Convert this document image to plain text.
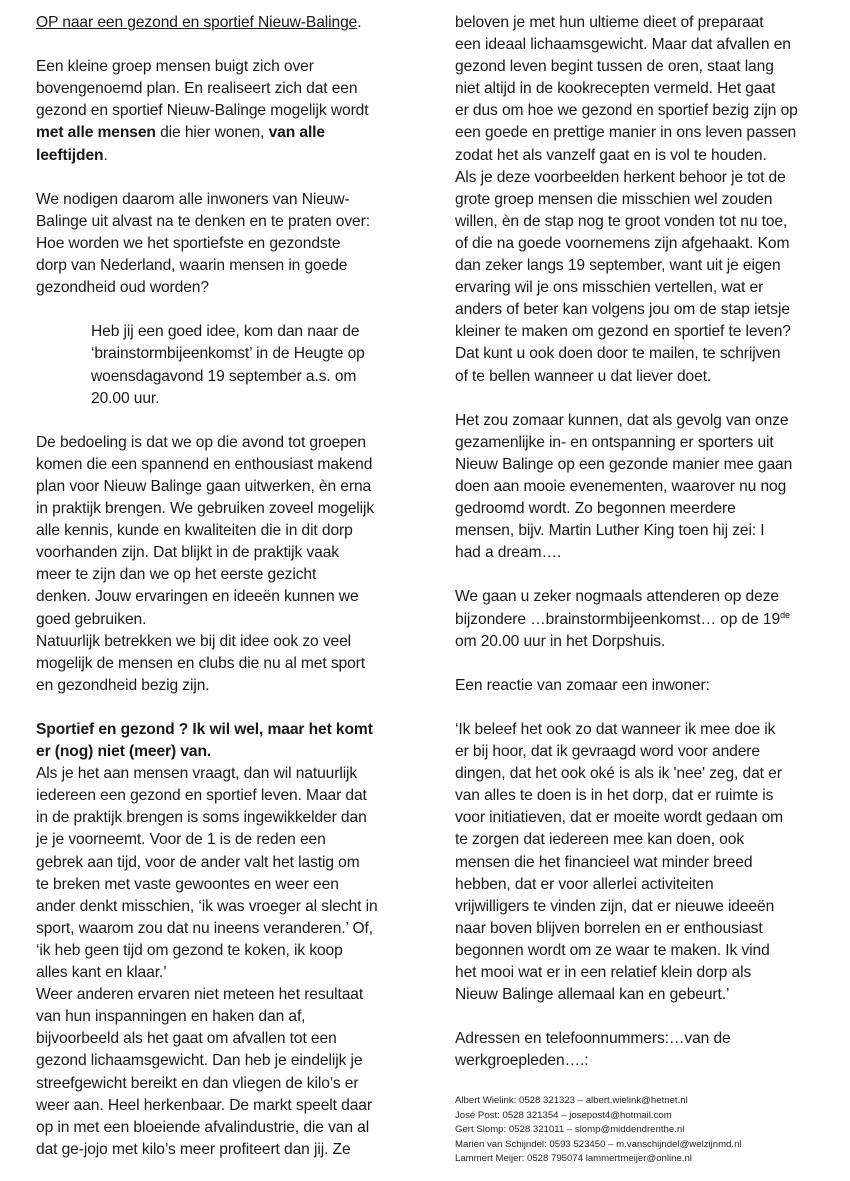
OP naar een gezond en sportief Nieuw-Balinge.
Een kleine groep mensen buigt zich over
bovengenoemd plan. En realiseert zich dat een
gezond en sportief Nieuw-Balinge mogelijk wordt
met alle mensen die hier wonen, van alle
leeftijden.
We nodigen daarom alle inwoners van Nieuw-
Balinge uit alvast na te denken en te praten over:
Hoe worden we het sportiefste en gezondste
dorp van Nederland, waarin mensen in goede
gezondheid oud worden?
Heb jij een goed idee, kom dan naar de
‘brainstormbijeenkomst’ in de Heugte op
woensdagavond 19 september a.s. om
20.00 uur.
De bedoeling is dat we op die avond tot groepen
komen die een spannend en enthousiast makend
plan voor Nieuw Balinge gaan uitwerken, èn erna
in praktijk brengen. We gebruiken zoveel mogelijk
alle kennis, kunde en kwaliteiten die in dit dorp
voorhanden zijn. Dat blijkt in de praktijk vaak
meer te zijn dan we op het eerste gezicht
denken. Jouw ervaringen en ideeën kunnen we
goed gebruiken.
Natuurlijk betrekken we bij dit idee ook zo veel
mogelijk de mensen en clubs die nu al met sport
en gezondheid bezig zijn.
Sportief en gezond ? Ik wil wel, maar het komt
er (nog) niet (meer) van.
Als je het aan mensen vraagt, dan wil natuurlijk
iedereen een gezond en sportief leven. Maar dat
in de praktijk brengen is soms ingewikkelder dan
je je voorneemt. Voor de 1 is de reden een
gebrek aan tijd, voor de ander valt het lastig om
te breken met vaste gewoontes en weer een
ander denkt misschien, ‘ik was vroeger al slecht in
sport, waarom zou dat nu ineens veranderen.’ Of,
‘ik heb geen tijd om gezond te koken, ik koop
alles kant en klaar.’
Weer anderen ervaren niet meteen het resultaat
van hun inspanningen en haken dan af,
bijvoorbeeld als het gaat om afvallen tot een
gezond lichaamsgewicht. Dan heb je eindelijk je
streefgewicht bereikt en dan vliegen de kilo’s er
weer aan. Heel herkenbaar. De markt speelt daar
op in met een bloeiende afvalindustrie, die van al
dat ge-jojo met kilo’s meer profiteert dan jij. Ze
beloven je met hun ultieme dieet of preparaat
een ideaal lichaamsgewicht. Maar dat afvallen en
gezond leven begint tussen de oren, staat lang
niet altijd in de kookrecepten vermeld. Het gaat
er dus om hoe we gezond en sportief bezig zijn op
een goede en prettige manier in ons leven passen
zodat het als vanzelf gaat en is vol te houden.
Als je deze voorbeelden herkent behoor je tot de
grote groep mensen die misschien wel zouden
willen, èn de stap nog te groot vonden tot nu toe,
of die na goede voornemens zijn afgehaakt. Kom
dan zeker langs 19 september, want uit je eigen
ervaring wil je ons misschien vertellen, wat er
anders of beter kan volgens jou om de stap ietsje
kleiner te maken om gezond en sportief te leven?
Dat kunt u ook doen door te mailen, te schrijven
of te bellen wanneer u dat liever doet.
Het zou zomaar kunnen, dat als gevolg van onze
gezamenlijke in- en ontspanning er sporters uit
Nieuw Balinge op een gezonde manier mee gaan
doen aan mooie evenementen, waarover nu nog
gedroomd wordt. Zo begonnen meerdere
mensen, bijv. Martin Luther King toen hij zei: I
had a dream….
We gaan u zeker nogmaals attenderen op deze
bijzondere …brainstormbijeenkomst… op de 19de
om 20.00 uur in het Dorpshuis.
Een reactie van zomaar een inwoner:
‘Ik beleef het ook zo dat wanneer ik mee doe ik
er bij hoor, dat ik gevraagd word voor andere
dingen, dat het ook oké is als ik 'nee' zeg, dat er
van alles te doen is in het dorp, dat er ruimte is
voor initiatieven, dat er moeite wordt gedaan om
te zorgen dat iedereen mee kan doen, ook
mensen die het financieel wat minder breed
hebben, dat er voor allerlei activiteiten
vrijwilligers te vinden zijn, dat er nieuwe ideeën
naar boven blijven borrelen en er enthousiast
begonnen wordt om ze waar te maken. Ik vind
het mooi wat er in een relatief klein dorp als
Nieuw Balinge allemaal kan en gebeurt.’
Adressen en telefoonnummers:…van de
werkgroepleden….:
Albert Wielink: 0528 321323 – albert.wielink@hetnet.nl
José Post: 0528 321354 – josepost4@hotmail.com
Gert Slomp: 0528 321011 – slomp@middendrenthe.nl
Marien van Schijndel: 0593 523450 – m.vanschijndel@welzijnmd.nl
Lammert Meijer: 0528 795074 lammertmeijer@online.nl
